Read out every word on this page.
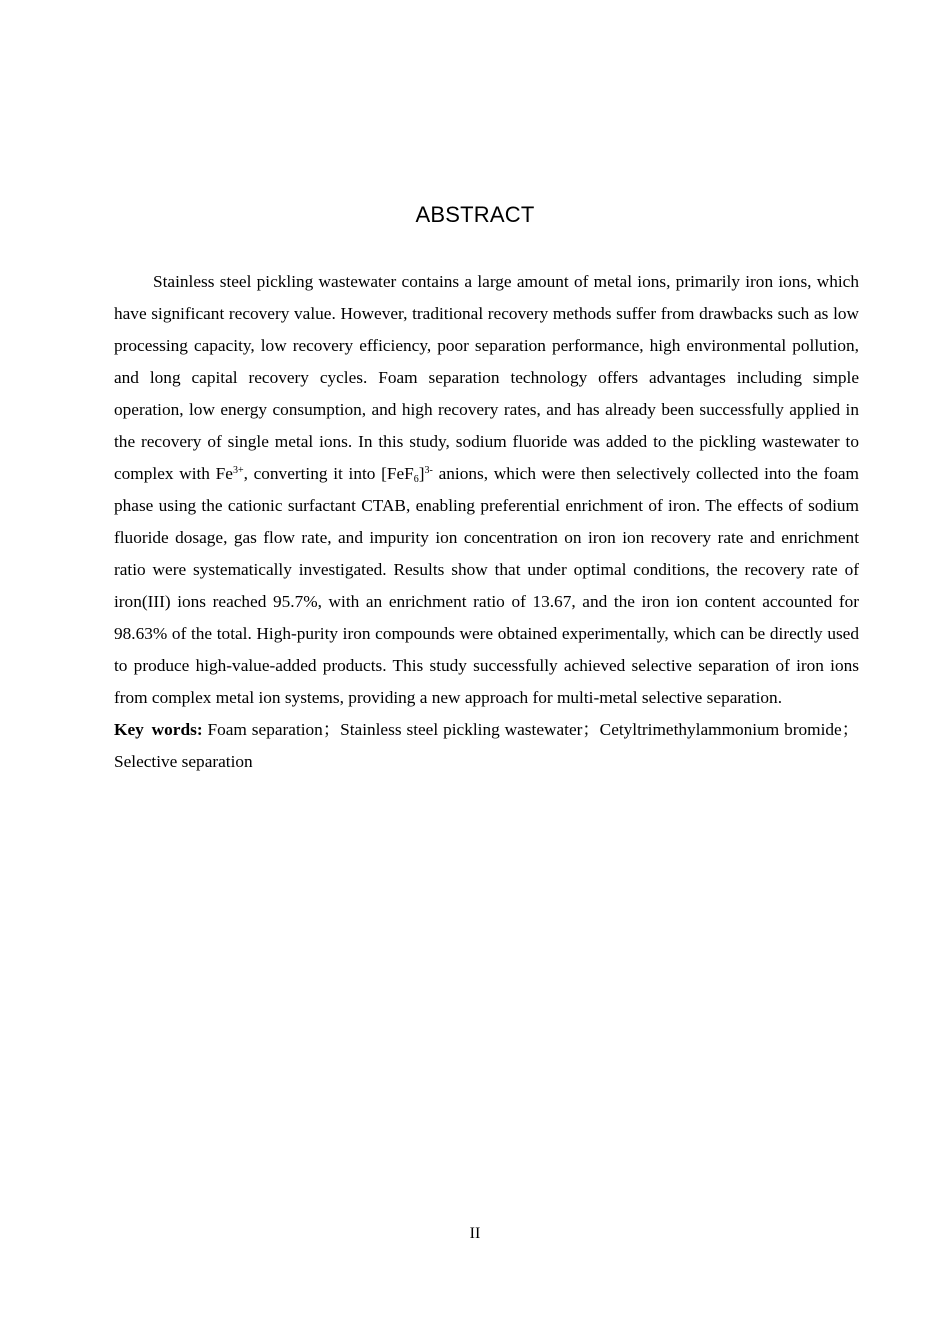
ABSTRACT

Stainless steel pickling wastewater contains a large amount of metal ions, primarily iron ions, which have significant recovery value. However, traditional recovery methods suffer from drawbacks such as low processing capacity, low recovery efficiency, poor separation performance, high environmental pollution, and long capital recovery cycles. Foam separation technology offers advantages including simple operation, low energy consumption, and high recovery rates, and has already been successfully applied in the recovery of single metal ions. In this study, sodium fluoride was added to the pickling wastewater to complex with $Fe^{3+}$, converting it into $[FeF_6]^{3-}$ anions, which were then selectively collected into the foam phase using the cationic surfactant CTAB, enabling preferential enrichment of iron. The effects of sodium fluoride dosage, gas flow rate, and impurity ion concentration on iron ion recovery rate and enrichment ratio were systematically investigated. Results show that under optimal conditions, the recovery rate of iron(III) ions reached 95.7%, with an enrichment ratio of 13.67, and the iron ion content accounted for 98.63% of the total. High-purity iron compounds were obtained experimentally, which can be directly used to produce high-value-added products. This study successfully achieved selective separation of iron ions from complex metal ion systems, providing a new approach for multi-metal selective separation.

Key words: Foam separation；Stainless steel pickling wastewater；Cetyltrimethylammonium bromide；Selective separation

II
